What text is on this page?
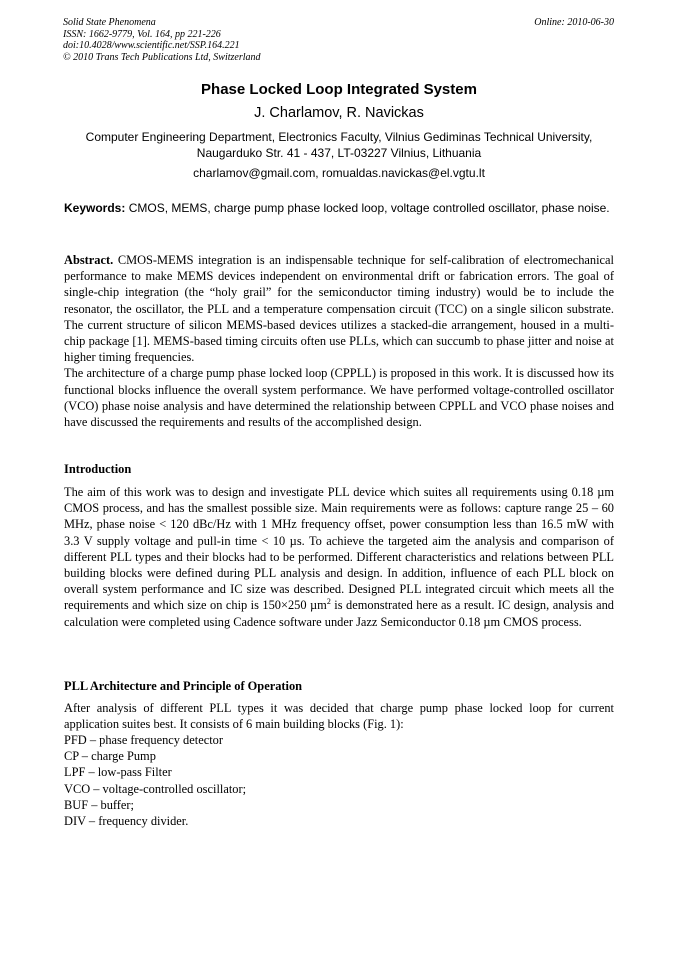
Solid State Phenomena
ISSN: 1662-9779, Vol. 164, pp 221-226
doi:10.4028/www.scientific.net/SSP.164.221
© 2010 Trans Tech Publications Ltd, Switzerland
Online: 2010-06-30
Phase Locked Loop Integrated System
J. Charlamov, R. Navickas
Computer Engineering Department, Electronics Faculty, Vilnius Gediminas Technical University,
Naugarduko Str. 41 - 437, LT-03227 Vilnius, Lithuania
charlamov@gmail.com, romualdas.navickas@el.vgtu.lt
Keywords: CMOS, MEMS, charge pump phase locked loop, voltage controlled oscillator, phase noise.

Abstract. CMOS-MEMS integration is an indispensable technique for self-calibration of electromechanical performance to make MEMS devices independent on environmental drift or fabrication errors. The goal of single-chip integration (the “holy grail” for the semiconductor timing industry) would be to include the resonator, the oscillator, the PLL and a temperature compensation circuit (TCC) on a single silicon substrate. The current structure of silicon MEMS-based devices utilizes a stacked-die arrangement, housed in a multi-chip package [1]. MEMS-based timing circuits often use PLLs, which can succumb to phase jitter and noise at higher timing frequencies.

The architecture of a charge pump phase locked loop (CPPLL) is proposed in this work. It is discussed how its functional blocks influence the overall system performance. We have performed voltage-controlled oscillator (VCO) phase noise analysis and have determined the relationship between CPPLL and VCO phase noises and have discussed the requirements and results of the accomplished design.

Introduction

The aim of this work was to design and investigate PLL device which suites all requirements using 0.18 µm CMOS process, and has the smallest possible size. Main requirements were as follows: capture range 25 – 60 MHz, phase noise < 120 dBc/Hz with 1 MHz frequency offset, power consumption less than 16.5 mW with 3.3 V supply voltage and pull-in time < 10 µs. To achieve the targeted aim the analysis and comparison of different PLL types and their blocks had to be performed. Different characteristics and relations between PLL building blocks were defined during PLL analysis and design. In addition, influence of each PLL block on overall system performance and IC size was described. Designed PLL integrated circuit which meets all the requirements and which size on chip is 150×250 µm$^2$ is demonstrated here as a result. IC design, analysis and calculation were completed using Cadence software under Jazz Semiconductor 0.18 µm CMOS process.

PLL Architecture and Principle of Operation
After analysis of different PLL types it was decided that charge pump phase locked loop for current application suites best. It consists of 6 main building blocks (Fig. 1):
PFD – phase frequency detector
CP – charge Pump
LPF – low-pass Filter
VCO – voltage-controlled oscillator;
BUF – buffer;
DIV – frequency divider.
